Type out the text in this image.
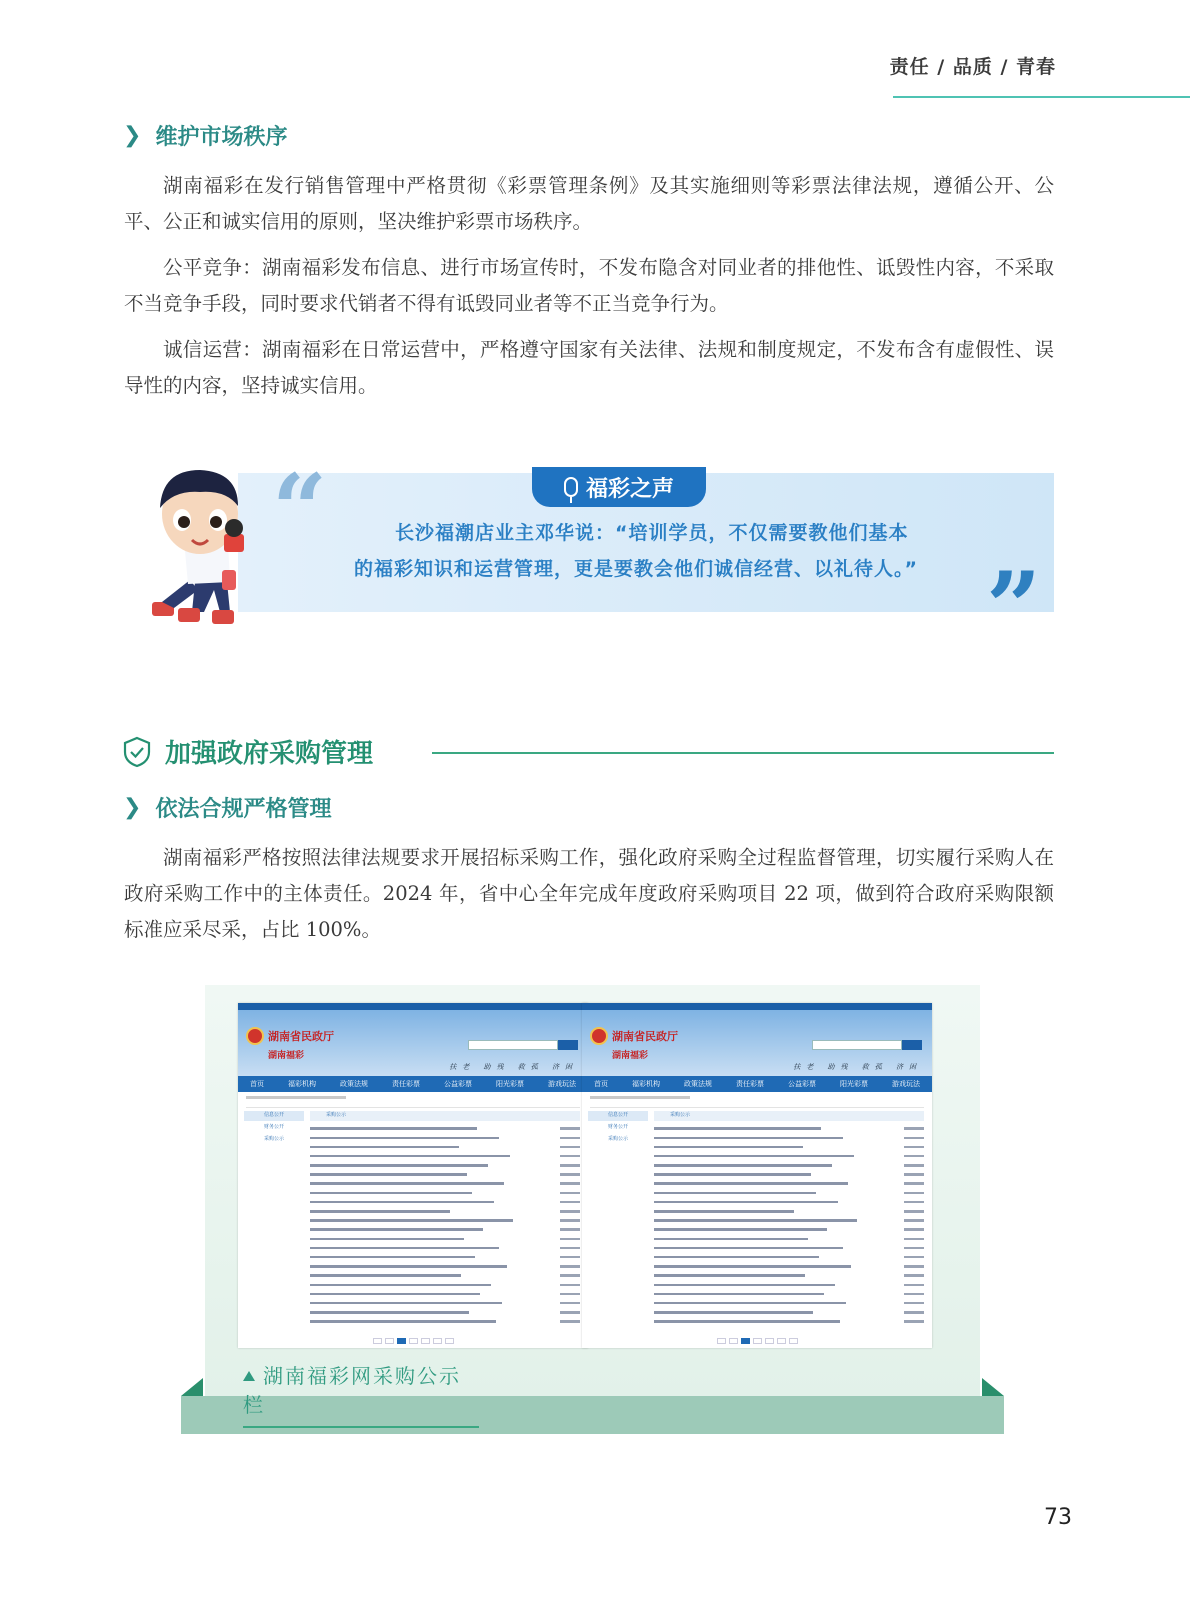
责任 / 品质 / 青春
❯ 维护市场秩序

湖南福彩在发行销售管理中严格贯彻《彩票管理条例》及其实施细则等彩票法律法规，遵循公开、公平、公正和诚实信用的原则，坚决维护彩票市场秩序。

公平竞争：湖南福彩发布信息、进行市场宣传时，不发布隐含对同业者的排他性、诋毁性内容，不采取不当竞争手段，同时要求代销者不得有诋毁同业者等不正当竞争行为。

诚信运营：湖南福彩在日常运营中，严格遵守国家有关法律、法规和制度规定，不发布含有虚假性、误导性的内容，坚持诚实信用。

“
”
福彩之声
长沙福潮店业主邓华说：“培训学员，不仅需要教他们基本
的福彩知识和运营管理，更是要教会他们诚信经营、以礼待人。”
加强政府采购管理
❯ 依法合规严格管理

湖南福彩严格按照法律法规要求开展招标采购工作，强化政府采购全过程监督管理，切实履行采购人在政府采购工作中的主体责任。2024 年，省中心全年完成年度政府采购项目 22 项，做到符合政府采购限额标准应采尽采，占比 100%。

湖南省民政厅
湖南福彩
扶老 助残 救孤 济困
首页	福彩机构	政策法规	责任彩票	公益彩票	阳光彩票	游戏玩法
信息公开
财务公开
采购公示
采购公示
湖南省民政厅
湖南福彩
扶老 助残 救孤 济困
首页	福彩机构	政策法规	责任彩票	公益彩票	阳光彩票	游戏玩法
信息公开
财务公开
采购公示
采购公示
湖南福彩网采购公示栏
73
